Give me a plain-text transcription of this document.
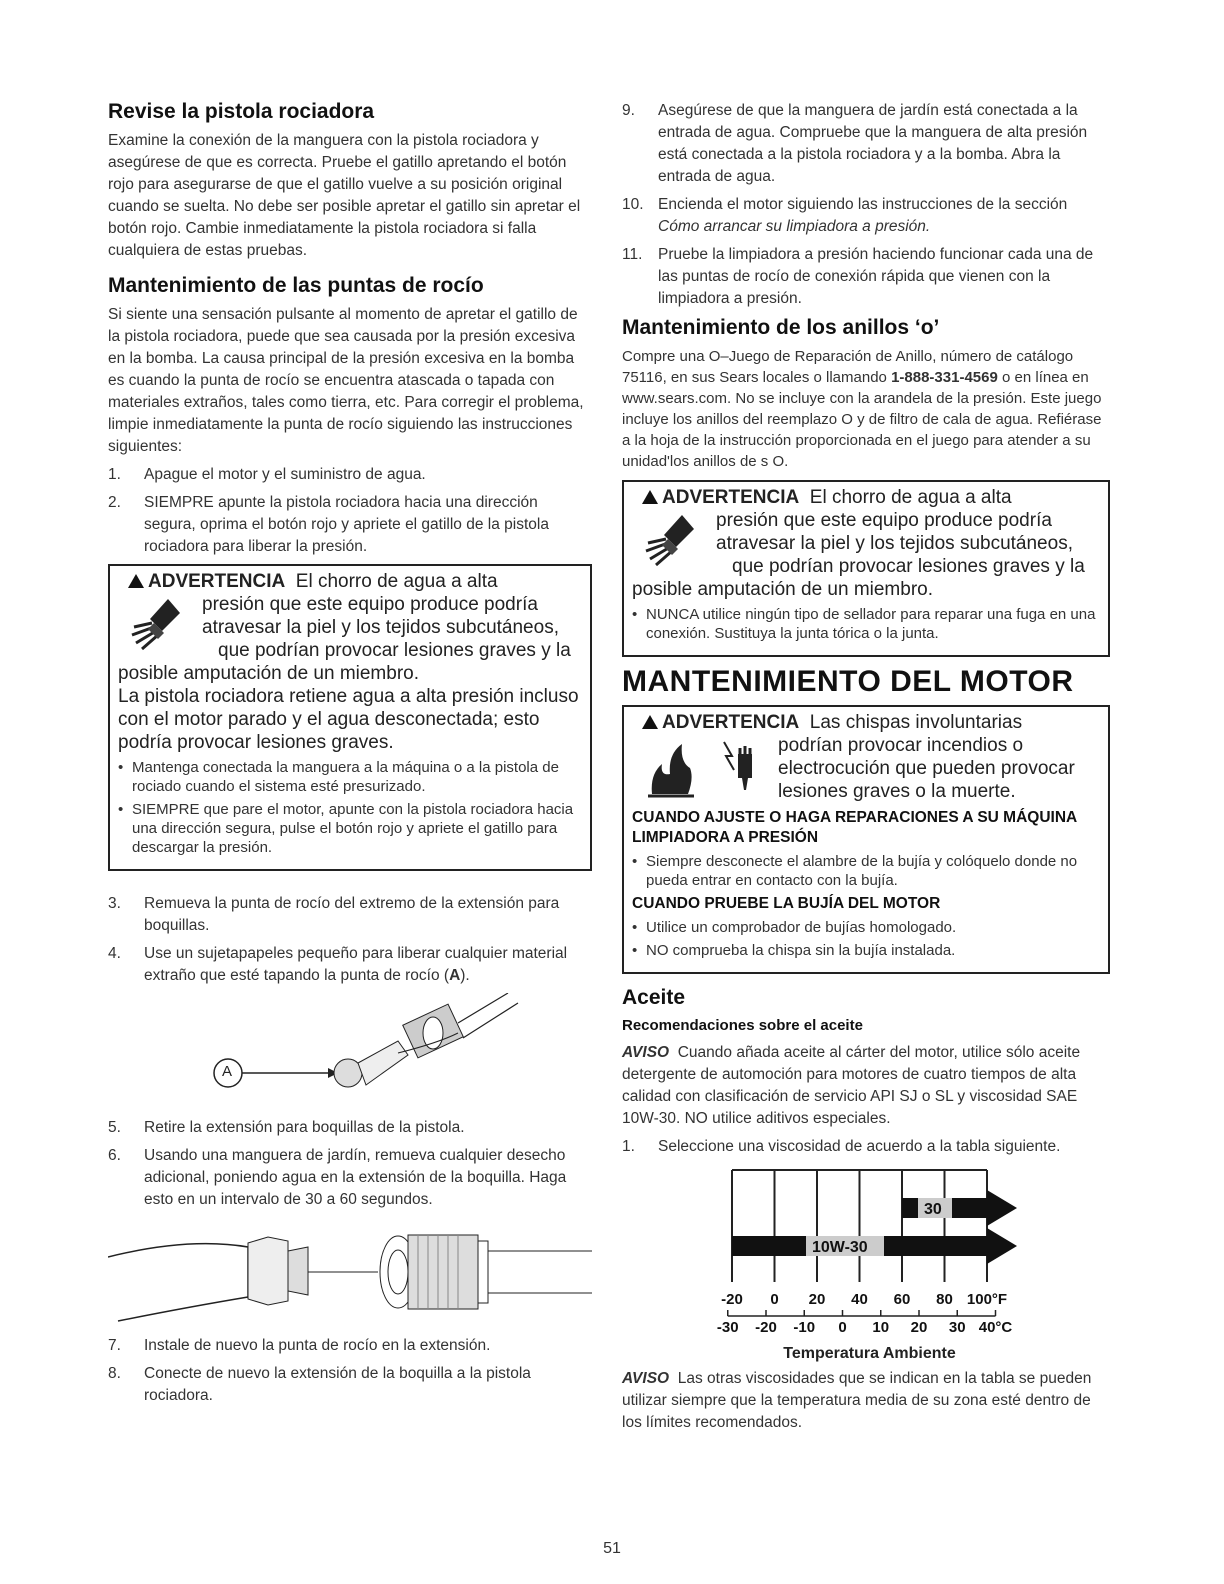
Revise la pistola rociadora

Examine la conexión de la manguera con la pistola rociadora y asegúrese de que es correcta. Pruebe el gatillo apretando el botón rojo para asegurarse de que el gatillo vuelve a su posición original cuando se suelta. No debe ser posible apretar el gatillo sin apretar el botón rojo. Cambie inmediatamente la pistola rociadora si falla cualquiera de estas pruebas.

Mantenimiento de las puntas de rocío

Si siente una sensación pulsante al momento de apretar el gatillo de la pistola rociadora, puede que sea causada por la presión excesiva en la bomba. La causa principal de la presión excesiva en la bomba es cuando la punta de rocío se encuentra atascada o tapada con materiales extraños, tales como tierra, etc. Para corregir el problema, limpie inmediatamente la punta de rocío siguiendo las instrucciones siguientes:

1. Apague el motor y el suministro de agua.
2. SIEMPRE apunte la pistola rociadora hacia una dirección segura, oprima el botón rojo y apriete el gatillo de la pistola rociadora para liberar la presión.
ADVERTENCIA El chorro de agua a alta
presión que este equipo produce podría
atravesar la piel y los tejidos subcutáneos,
que podrían provocar lesiones graves y la
posible amputación de un miembro.
La pistola rociadora retiene agua a alta presión incluso con el motor parado y el agua desconectada; esto podría provocar lesiones graves.
• Mantenga conectada la manguera a la máquina o a la pistola de rociado cuando el sistema esté presurizado.
• SIEMPRE que pare el motor, apunte con la pistola rociadora hacia una dirección segura, pulse el botón rojo y apriete el gatillo para descargar la presión.
3. Remueva la punta de rocío del extremo de la extensión para boquillas.
4. Use un sujetapapeles pequeño para liberar cualquier material extraño que esté tapando la punta de rocío (A).
A
5. Retire la extensión para boquillas de la pistola.
6. Usando una manguera de jardín, remueva cualquier desecho adicional, poniendo agua en la extensión de la boquilla. Haga esto en un intervalo de 30 a 60 segundos.
7. Instale de nuevo la punta de rocío en la extensión.
8. Conecte de nuevo la extensión de la boquilla a la pistola rociadora.
9. Asegúrese de que la manguera de jardín está conectada a la entrada de agua. Compruebe que la manguera de alta presión está conectada a la pistola rociadora y a la bomba. Abra la entrada de agua.
10. Encienda el motor siguiendo las instrucciones de la sección Cómo arrancar su limpiadora a presión.
11. Pruebe la limpiadora a presión haciendo funcionar cada una de las puntas de rocío de conexión rápida que vienen con la limpiadora a presión.
Mantenimiento de los anillos ‘o’

Compre una O–Juego de Reparación de Anillo, número de catálogo 75116, en sus Sears locales o llamando 1-888-331-4569 o en línea en www.sears.com. No se incluye con la arandela de la presión. Este juego incluye los anillos del reemplazo O y de filtro de cala de agua. Refiérase a la hoja de la instrucción proporcionada en el juego para atender a su unidad'los anillos de s O.

ADVERTENCIA El chorro de agua a alta
presión que este equipo produce podría
atravesar la piel y los tejidos subcutáneos,
que podrían provocar lesiones graves y la
posible amputación de un miembro.
• NUNCA utilice ningún tipo de sellador para reparar una fuga en una conexión. Sustituya la junta tórica o la junta.
MANTENIMIENTO DEL MOTOR
ADVERTENCIA Las chispas involuntarias
podrían provocar incendios o
electrocución que pueden provocar
lesiones graves o la muerte.
CUANDO AJUSTE O HAGA REPARACIONES A SU MÁQUINA LIMPIADORA A PRESIÓN
• Siempre desconecte el alambre de la bujía y colóquelo donde no pueda entrar en contacto con la bujía.
CUANDO PRUEBE LA BUJÍA DEL MOTOR
• Utilice un comprobador de bujías homologado.
• NO comprueba la chispa sin la bujía instalada.
Aceite
Recomendaciones sobre el aceite

AVISO Cuando añada aceite al cárter del motor, utilice sólo aceite detergente de automoción para motores de cuatro tiempos de alta calidad con clasificación de servicio API SJ o SL y viscosidad SAE 10W-30. NO utilice aditivos especiales.

1. Seleccione una viscosidad de acuerdo a la tabla siguiente.
30
10W-30
-20 0 20 40 60 80 100°F
-30 -20 -10 0 10 20 30 40°C
Temperatura Ambiente

AVISO Las otras viscosidades que se indican en la tabla se pueden utilizar siempre que la temperatura media de su zona esté dentro de los límites recomendados.

51
